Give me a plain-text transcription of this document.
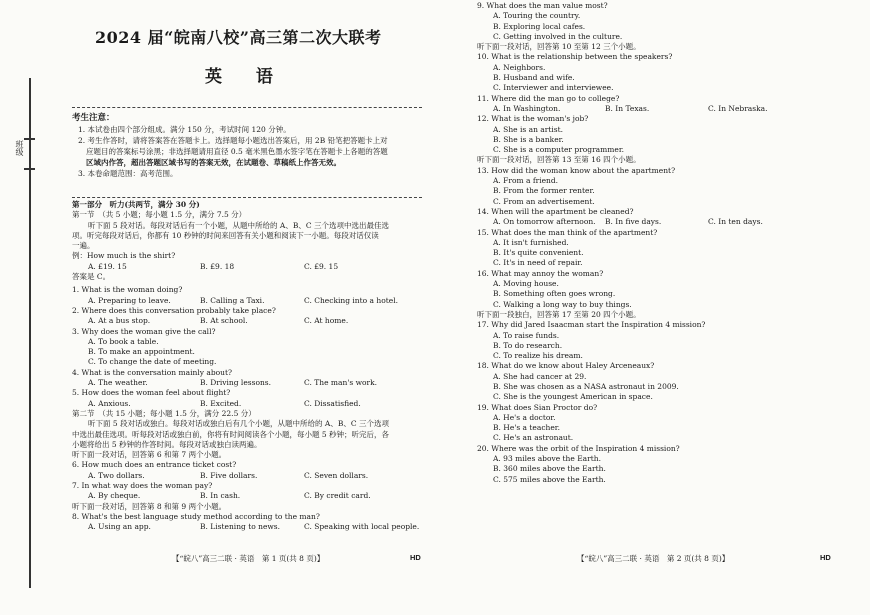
班级
2024 届“皖南八校”高三第二次大联考
英 语
考生注意：
1. 本试卷由四个部分组成。满分 150 分，考试时间 120 分钟。
2. 考生作答时，请将答案答在答题卡上。选择题每小题选出答案后，用 2B 铅笔把答题卡上对
应题目的答案标号涂黑；非选择题请用直径 0.5 毫米黑色墨水签字笔在答题卡上各题的答题
区域内作答，超出答题区域书写的答案无效，在试题卷、草稿纸上作答无效。
3. 本卷命题范围：高考范围。
第一部分　听力(共两节，满分 30 分)
第一节　（共 5 小题；每小题 1.5 分，满分 7.5 分）
听下面 5 段对话。每段对话后有一个小题，从题中所给的 A、B、C 三个选项中选出最佳选
项。听完每段对话后，你都有 10 秒钟的时间来回答有关小题和阅读下一小题。每段对话仅读
一遍。
例：How much is the shirt?
A. £19. 15	B. £9. 18	C. £9. 15
答案是 C。
1. What is the woman doing?
A. Preparing to leave.	B. Calling a Taxi.	C. Checking into a hotel.
2. Where does this conversation probably take place?
A. At a bus stop.	B. At school.	C. At home.
3. Why does the woman give the call?
A. To book a table.
B. To make an appointment.
C. To change the date of meeting.
4. What is the conversation mainly about?
A. The weather.	B. Driving lessons.	C. The man's work.
5. How does the woman feel about flight?
A. Anxious.	B. Excited.	C. Dissatisfied.
第二节　（共 15 小题；每小题 1.5 分，满分 22.5 分）
听下面 5 段对话或独白。每段对话或独白后有几个小题，从题中所给的 A、B、C 三个选项
中选出最佳选项。听每段对话或独白前，你将有时间阅读各个小题，每小题 5 秒钟；听完后，各
小题将给出 5 秒钟的作答时间。每段对话或独白读两遍。
听下面一段对话，回答第 6 和第 7 两个小题。
6. How much does an entrance ticket cost?
A. Two dollars.	B. Five dollars.	C. Seven dollars.
7. In what way does the woman pay?
A. By cheque.	B. In cash.	C. By credit card.
听下面一段对话，回答第 8 和第 9 两个小题。
8. What's the best language study method according to the man?
A. Using an app.	B. Listening to news.	C. Speaking with local people.
【“皖八”高三二联 · 英语　第 1 页(共 8 页)】	HD
9. What does the man value most?
A. Touring the country.
B. Exploring local cafes.
C. Getting involved in the culture.
听下面一段对话，回答第 10 至第 12 三个小题。
10. What is the relationship between the speakers?
A. Neighbors.
B. Husband and wife.
C. Interviewer and interviewee.
11. Where did the man go to college?
A. In Washington.	B. In Texas.	C. In Nebraska.
12. What is the woman's job?
A. She is an artist.
B. She is a banker.
C. She is a computer programmer.
听下面一段对话，回答第 13 至第 16 四个小题。
13. How did the woman know about the apartment?
A. From a friend.
B. From the former renter.
C. From an advertisement.
14. When will the apartment be cleaned?
A. On tomorrow afternoon.	B. In five days.	C. In ten days.
15. What does the man think of the apartment?
A. It isn't furnished.
B. It's quite convenient.
C. It's in need of repair.
16. What may annoy the woman?
A. Moving house.
B. Something often goes wrong.
C. Walking a long way to buy things.
听下面一段独白，回答第 17 至第 20 四个小题。
17. Why did Jared Isaacman start the Inspiration 4 mission?
A. To raise funds.
B. To do research.
C. To realize his dream.
18. What do we know about Haley Arceneaux?
A. She had cancer at 29.
B. She was chosen as a NASA astronaut in 2009.
C. She is the youngest American in space.
19. What does Sian Proctor do?
A. He's a doctor.
B. He's a teacher.
C. He's an astronaut.
20. Where was the orbit of the Inspiration 4 mission?
A. 93 miles above the Earth.
B. 360 miles above the Earth.
C. 575 miles above the Earth.
【“皖八”高三二联 · 英语　第 2 页(共 8 页)】	HD
